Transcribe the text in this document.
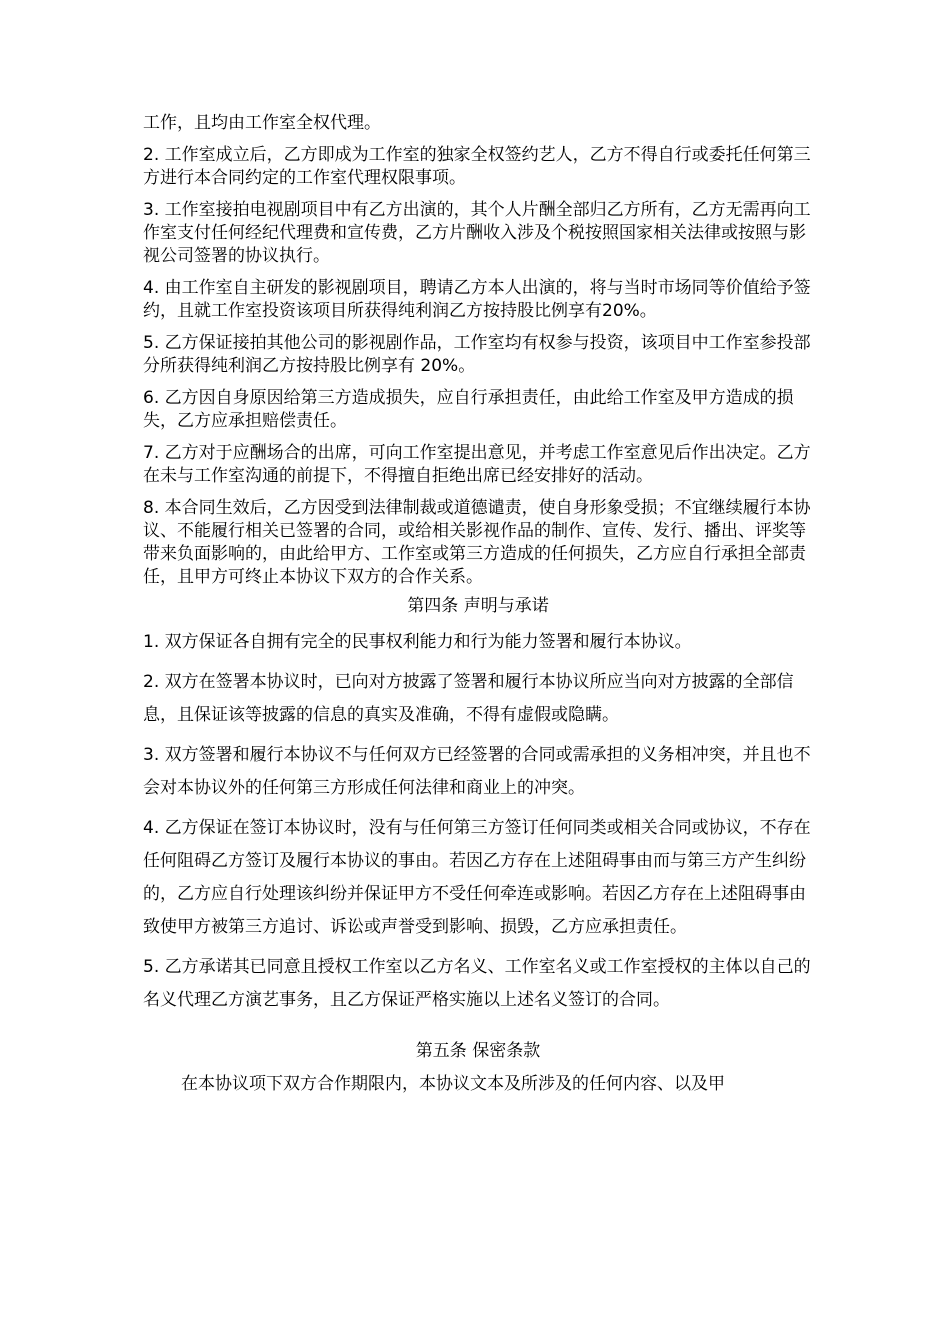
工作，且均由工作室全权代理。

2. 工作室成立后，乙方即成为工作室的独家全权签约艺人，乙方不得自行或委托任何第三方进行本合同约定的工作室代理权限事项。

3. 工作室接拍电视剧项目中有乙方出演的，其个人片酬全部归乙方所有，乙方无需再向工作室支付任何经纪代理费和宣传费，乙方片酬收入涉及个税按照国家相关法律或按照与影视公司签署的协议执行。

4. 由工作室自主研发的影视剧项目，聘请乙方本人出演的，将与当时市场同等价值给予签约，且就工作室投资该项目所获得纯利润乙方按持股比例享有20%。

5. 乙方保证接拍其他公司的影视剧作品，工作室均有权参与投资，该项目中工作室参投部分所获得纯利润乙方按持股比例享有 20%。

6. 乙方因自身原因给第三方造成损失，应自行承担责任，由此给工作室及甲方造成的损失，乙方应承担赔偿责任。

7. 乙方对于应酬场合的出席，可向工作室提出意见，并考虑工作室意见后作出决定。乙方在未与工作室沟通的前提下，不得擅自拒绝出席已经安排好的活动。

8. 本合同生效后，乙方因受到法律制裁或道德谴责，使自身形象受损；不宜继续履行本协议、不能履行相关已签署的合同，或给相关影视作品的制作、宣传、发行、播出、评奖等带来负面影响的，由此给甲方、工作室或第三方造成的任何损失，乙方应自行承担全部责任，且甲方可终止本协议下双方的合作关系。

第四条 声明与承诺

1. 双方保证各自拥有完全的民事权利能力和行为能力签署和履行本协议。

2. 双方在签署本协议时，已向对方披露了签署和履行本协议所应当向对方披露的全部信息，且保证该等披露的信息的真实及准确，不得有虚假或隐瞒。

3. 双方签署和履行本协议不与任何双方已经签署的合同或需承担的义务相冲突，并且也不会对本协议外的任何第三方形成任何法律和商业上的冲突。

4. 乙方保证在签订本协议时，没有与任何第三方签订任何同类或相关合同或协议，不存在任何阻碍乙方签订及履行本协议的事由。若因乙方存在上述阻碍事由而与第三方产生纠纷的，乙方应自行处理该纠纷并保证甲方不受任何牵连或影响。若因乙方存在上述阻碍事由致使甲方被第三方追讨、诉讼或声誉受到影响、损毁，乙方应承担责任。

5. 乙方承诺其已同意且授权工作室以乙方名义、工作室名义或工作室授权的主体以自己的名义代理乙方演艺事务，且乙方保证严格实施以上述名义签订的合同。

第五条 保密条款

在本协议项下双方合作期限内，本协议文本及所涉及的任何内容、以及甲
